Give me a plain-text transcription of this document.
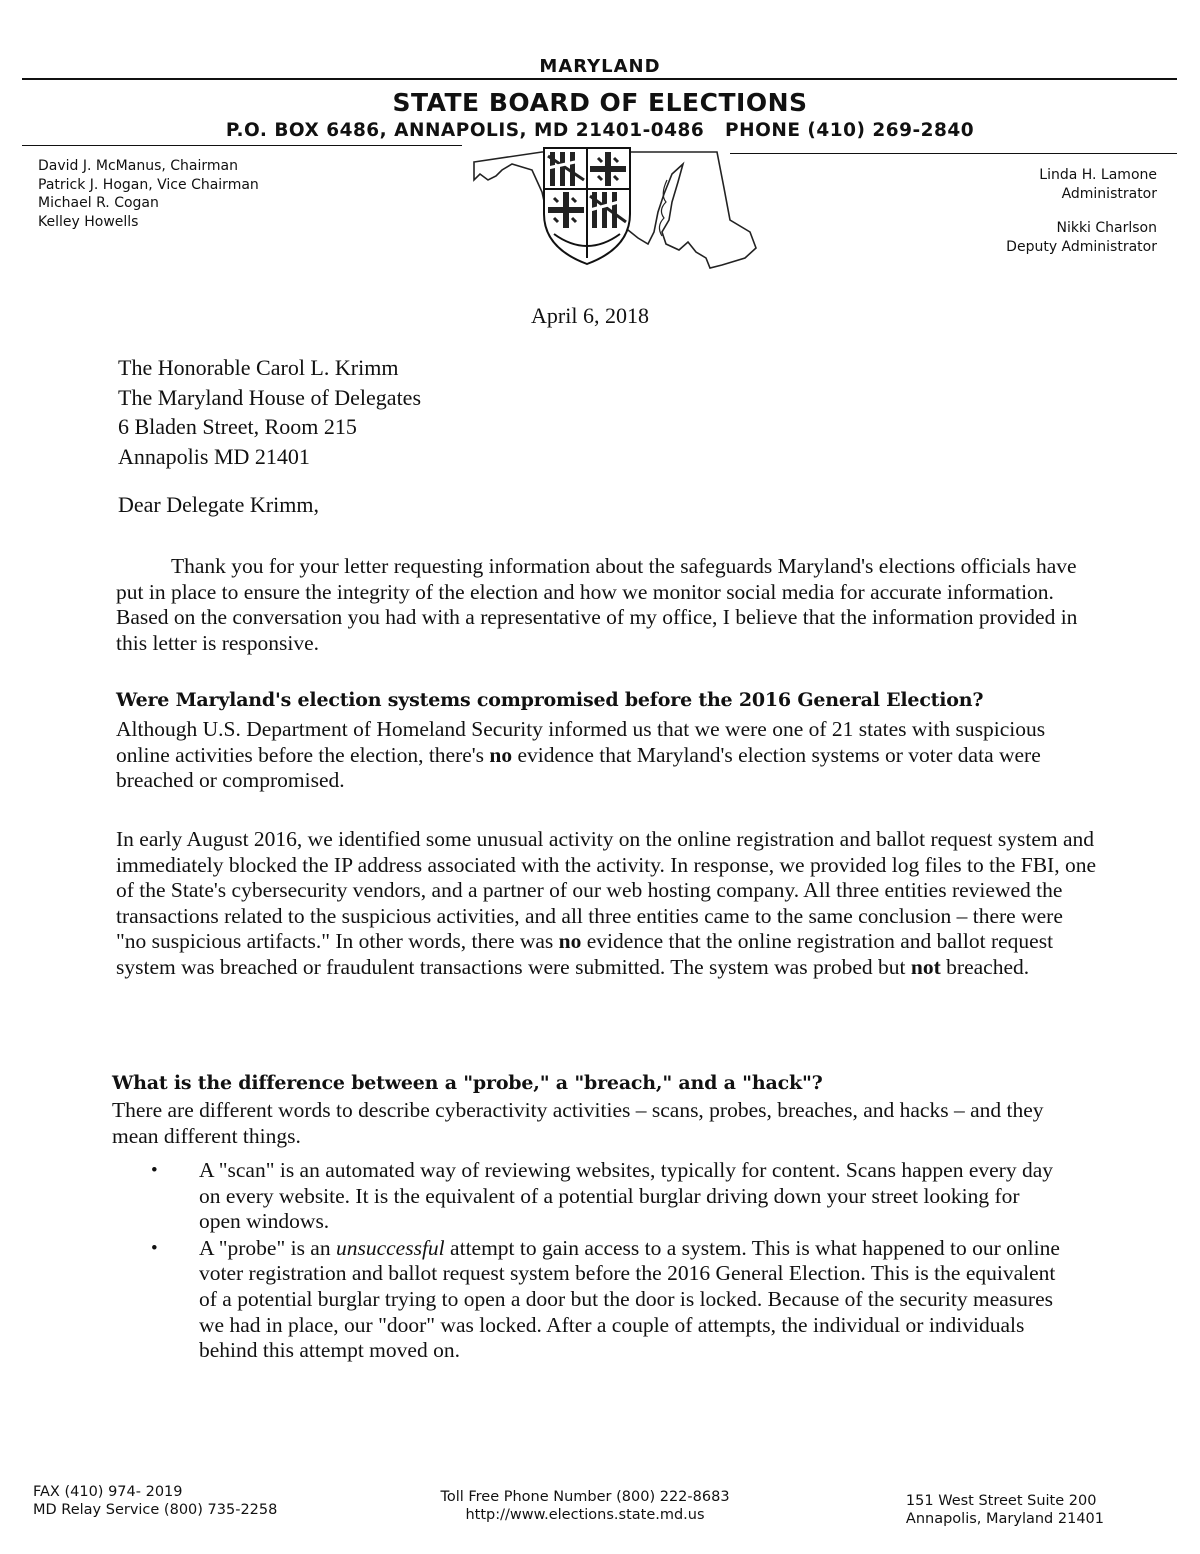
MARYLAND
STATE BOARD OF ELECTIONS
P.O. BOX 6486, ANNAPOLIS, MD 21401-0486   PHONE (410) 269-2840
David J. McManus, Chairman
Patrick J. Hogan, Vice Chairman
Michael R. Cogan
Kelley Howells
Linda H. Lamone
Administrator
Nikki Charlson
Deputy Administrator
April 6, 2018
The Honorable Carol L. Krimm
The Maryland House of Delegates
6 Bladen Street, Room 215
Annapolis MD 21401
Dear Delegate Krimm,
Thank you for your letter requesting information about the safeguards Maryland's elections officials have put in place to ensure the integrity of the election and how we monitor social media for accurate information. Based on the conversation you had with a representative of my office, I believe that the information provided in this letter is responsive.
Were Maryland's election systems compromised before the 2016 General Election?
Although U.S. Department of Homeland Security informed us that we were one of 21 states with suspicious online activities before the election, there's no evidence that Maryland's election systems or voter data were breached or compromised.
In early August 2016, we identified some unusual activity on the online registration and ballot request system and immediately blocked the IP address associated with the activity. In response, we provided log files to the FBI, one of the State's cybersecurity vendors, and a partner of our web hosting company. All three entities reviewed the transactions related to the suspicious activities, and all three entities came to the same conclusion – there were "no suspicious artifacts." In other words, there was no evidence that the online registration and ballot request system was breached or fraudulent transactions were submitted. The system was probed but not breached.
What is the difference between a "probe," a "breach," and a "hack"?
There are different words to describe cyberactivity activities – scans, probes, breaches, and hacks – and they mean different things.
• A "scan" is an automated way of reviewing websites, typically for content. Scans happen every day on every website. It is the equivalent of a potential burglar driving down your street looking for open windows.
• A "probe" is an unsuccessful attempt to gain access to a system. This is what happened to our online voter registration and ballot request system before the 2016 General Election. This is the equivalent of a potential burglar trying to open a door but the door is locked. Because of the security measures we had in place, our "door" was locked. After a couple of attempts, the individual or individuals behind this attempt moved on.
FAX (410) 974- 2019
MD Relay Service (800) 735-2258
Toll Free Phone Number (800) 222-8683
http://www.elections.state.md.us
151 West Street Suite 200
Annapolis, Maryland 21401
